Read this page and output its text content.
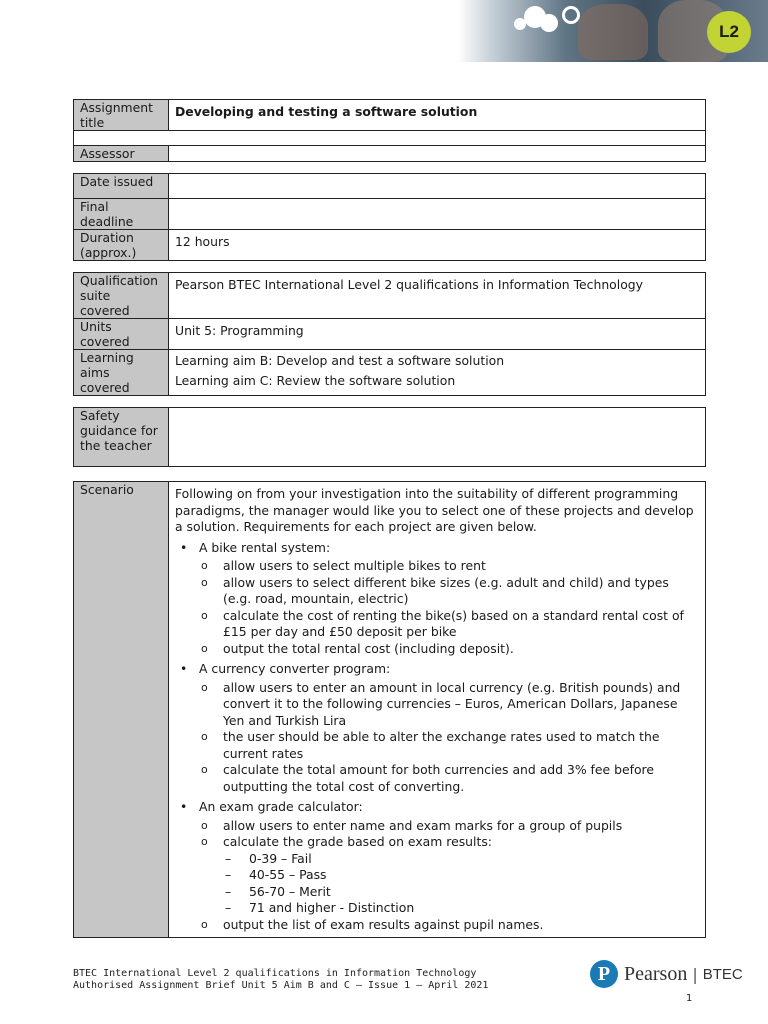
L2
Assignment title	Developing and testing a software solution

Assessor	
Date issued	
Final deadline	
Duration (approx.)	12 hours
Qualification suite covered	Pearson BTEC International Level 2 qualifications in Information Technology
Units covered	Unit 5: Programming
Learning aims covered	Learning aim B: Develop and test a software solution
Learning aim C: Review the software solution
Safety guidance for the teacher	
Scenario	Following on from your investigation into the suitability of different programming paradigms, the manager would like you to select one of these projects and develop a solution. Requirements for each project are given below.

• A bike rental system:
o allow users to select multiple bikes to rent
o allow users to select different bike sizes (e.g. adult and child) and types (e.g. road, mountain, electric)
o calculate the cost of renting the bike(s) based on a standard rental cost of £15 per day and £50 deposit per bike
o output the total rental cost (including deposit).
• A currency converter program:
o allow users to enter an amount in local currency (e.g. British pounds) and convert it to the following currencies – Euros, American Dollars, Japanese Yen and Turkish Lira
o the user should be able to alter the exchange rates used to match the current rates
o calculate the total amount for both currencies and add 3% fee before outputting the total cost of converting.
• An exam grade calculator:
o allow users to enter name and exam marks for a group of pupils
o calculate the grade based on exam results:
– 0-39 – Fail
– 40-55 – Pass
– 56-70 – Merit
– 71 and higher - Distinction
o output the list of exam results against pupil names.
BTEC International Level 2 qualifications in Information Technology
Authorised Assignment Brief Unit 5 Aim B and C – Issue 1 – April 2021
P Pearson | BTEC
1
